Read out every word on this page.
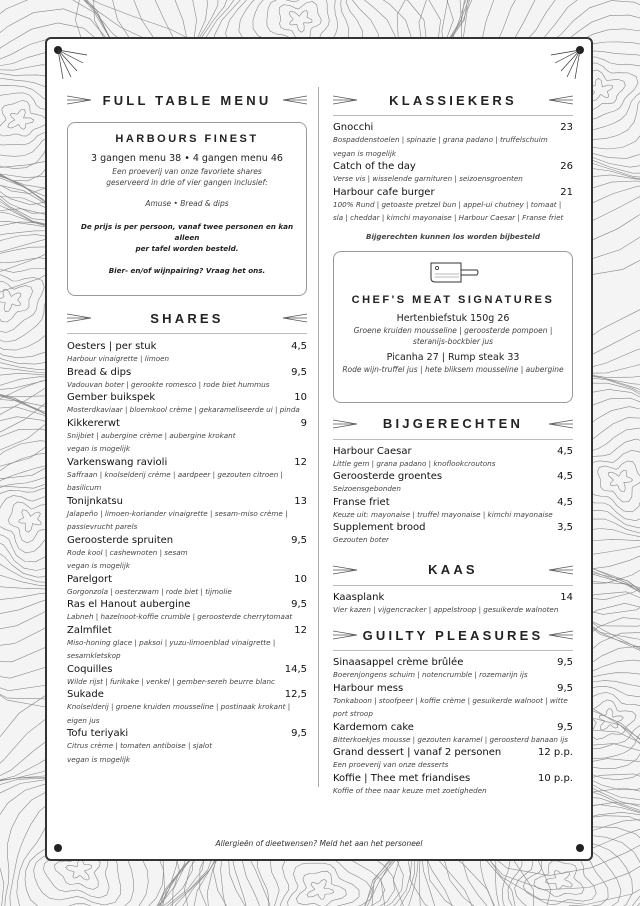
FULL TABLE MENU
HARBOURS FINEST
3 gangen menu 38 • 4 gangen menu 46
Een proeverij van onze favoriete shares
geserveerd in drie of vier gangen inclusief:
Amuse • Bread & dips
De prijs is per persoon, vanaf twee personen en kan alleen
per tafel worden besteld.
Bier- en/of wijnpairing? Vraag het ons.
SHARES
Oesters | per stuk	4,5
Harbour vinaigrette | limoen
Bread & dips	9,5
Vadouvan boter | gerookte romesco | rode biet hummus
Gember buikspek	10
Mosterdkaviaar | bloemkool crème | gekarameliseerde ui | pinda
Kikkererwt	9
Snijbiet | aubergine crème | aubergine krokant
vegan is mogelijk
Varkenswang ravioli	12
Saffraan | knolselderij crème | aardpeer | gezouten citroen |
basilicum
Tonijnkatsu	13
Jalapeño | limoen-koriander vinaigrette | sesam-miso crème |
passievrucht parels
Geroosterde spruiten	9,5
Rode kool | cashewnoten | sesam
vegan is mogelijk
Parelgort	10
Gorgonzola | oesterzwam | rode biet | tijmolie
Ras el Hanout aubergine	9,5
Labneh | hazelnoot-koffie crumble | geroosterde cherrytomaat
Zalmfilet	12
Miso-honing glace | paksoi | yuzu-limoenblad vinaigrette |
sesamkletskop
Coquilles	14,5
Wilde rijst | furikake | venkel | gember-sereh beurre blanc
Sukade	12,5
Knolselderij | groene kruiden mousseline | postinaak krokant |
eigen jus
Tofu teriyaki	9,5
Citrus crème | tomaten antiboise | sjalot
vegan is mogelijk
KLASSIEKERS
Gnocchi	23
Bospaddenstoelen | spinazie | grana padano | truffelschuim
vegan is mogelijk
Catch of the day	26
Verse vis | wisselende garnituren | seizoensgroenten
Harbour cafe burger	21
100% Rund | getoaste pretzel bun | appel-ui chutney | tomaat |
sla | cheddar | kimchi mayonaise | Harbour Caesar | Franse friet
Bijgerechten kunnen los worden bijbesteld
CHEF'S MEAT SIGNATURES
Hertenbiefstuk 150g 26
Groene kruiden mousseline | geroosterde pompoen |
steranijs-bockbier jus
Picanha 27 | Rump steak 33
Rode wijn-truffel jus | hete bliksem mousseline | aubergine
BIJGERECHTEN
Harbour Caesar	4,5
Little gem | grana padano | knoflookcroutons
Geroosterde groentes	4,5
Seizoensgebonden
Franse friet	4,5
Keuze uit: mayonaise | truffel mayonaise | kimchi mayonaise
Supplement brood	3,5
Gezouten boter
KAAS
Kaasplank	14
Vier kazen | vijgencracker | appelstroop | gesuikerde walnoten
GUILTY PLEASURES
Sinaasappel crème brûlée	9,5
Boerenjongens schuim | notencrumble | rozemarijn ijs
Harbour mess	9,5
Tonkaboon | stoofpeer | koffie crème | gesuikerde walnoot | witte
port stroop
Kardemom cake	9,5
Bitterkoekjes mousse | gezouten karamel | geroosterd banaan ijs
Grand dessert | vanaf 2 personen	12 p.p.
Een proeverij van onze desserts
Koffie | Thee met friandises	10 p.p.
Koffie of thee naar keuze met zoetigheden
Allergieën of dieetwensen? Meld het aan het personeel
